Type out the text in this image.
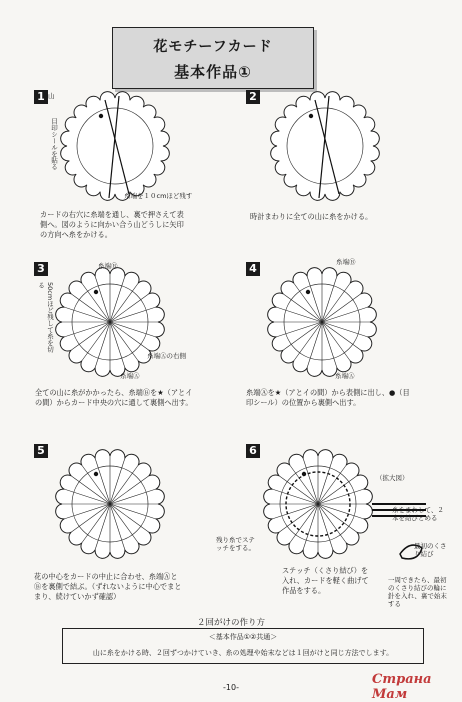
花モチーフカード
基本作品①
1 山
目印シールを貼る
糸端を１０cmほど残す
カードの右穴に糸端を通し、裏で押さえて表側へ。図のように向かい合う山どうしに矢印の方向へ糸をかける。
2
時計まわりに全ての山に糸をかける。
3	糸端Ⓑ
50cmほど残して糸を切る
糸端Ⓐの右側
糸端Ⓐ
全ての山に糸がかかったら、糸端Ⓑを★（アとイの間）からカード中央の穴に通して裏側へ出す。
4	糸端Ⓑ
糸端Ⓐ
糸端Ⓐを★（アとイの間）から表側に出し、●（目印シール）の位置から裏側へ出す。
5
花の中心をカードの中止に合わせ、糸端Ⓐと Ⓑを裏側で結ぶ。（ずれないように中心でまとまり、続けていかず確認）
6
残り糸でステッチをする。
ステッチ（くさり結び）を入れ、カードを軽く曲げて作品をする。
（拡大図）
糸をまわして、２本を結びとめる
最初のくさり結び
一周できたら、最初のくさり結びの輪に針を入れ、裏で始末する
２回がけの作り方
＜基本作品①②共通＞
山に糸をかける時、２回ずつかけていき、糸の処理や始末などは１回がけと同じ方法でします。
-10-
Страна Мам
